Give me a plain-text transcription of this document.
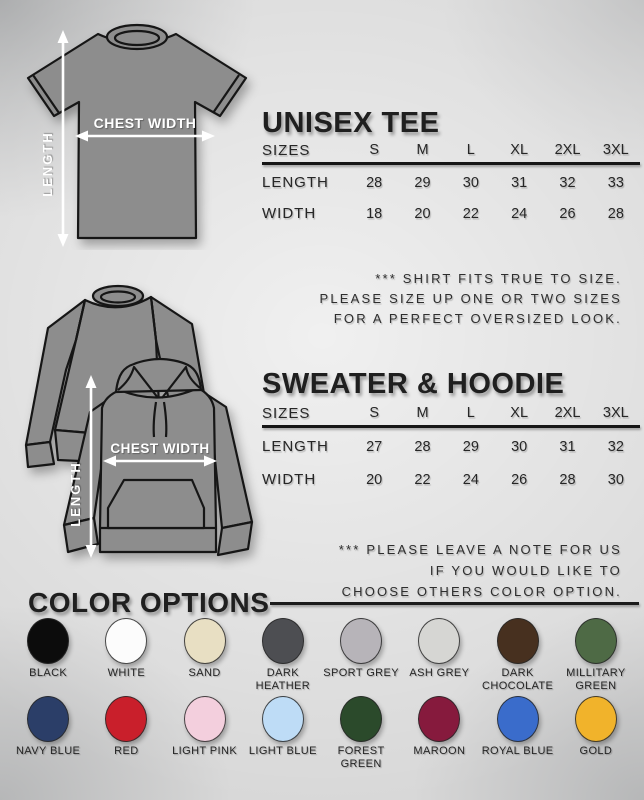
LENGTH
CHEST WIDTH UNISEX TEE
SIZES	S	M	L	XL	2XL	3XL
LENGTH	28	29	30	31	32	33
WIDTH	18	20	22	24	26	28
*** SHIRT FITS TRUE TO SIZE.
PLEASE SIZE UP ONE OR TWO SIZES
FOR A PERFECT OVERSIZED LOOK.
LENGTH
CHEST WIDTH
SWEATER & HOODIE
SIZES	S	M	L	XL	2XL	3XL
LENGTH	27	28	29	30	31	32
WIDTH	20	22	24	26	28	30
*** PLEASE LEAVE A NOTE FOR US
IF YOU WOULD LIKE TO
CHOOSE OTHERS COLOR OPTION.
COLOR OPTIONS
BLACK	WHITE	SAND	DARK HEATHER
SPORT GREY ASH GREY	DARK CHOCOLATE
MILLITARY GREEN
NAVY BLUE	RED	LIGHT PINK	LIGHT BLUE	FOREST GREEN
MAROON	ROYAL BLUE	GOLD
